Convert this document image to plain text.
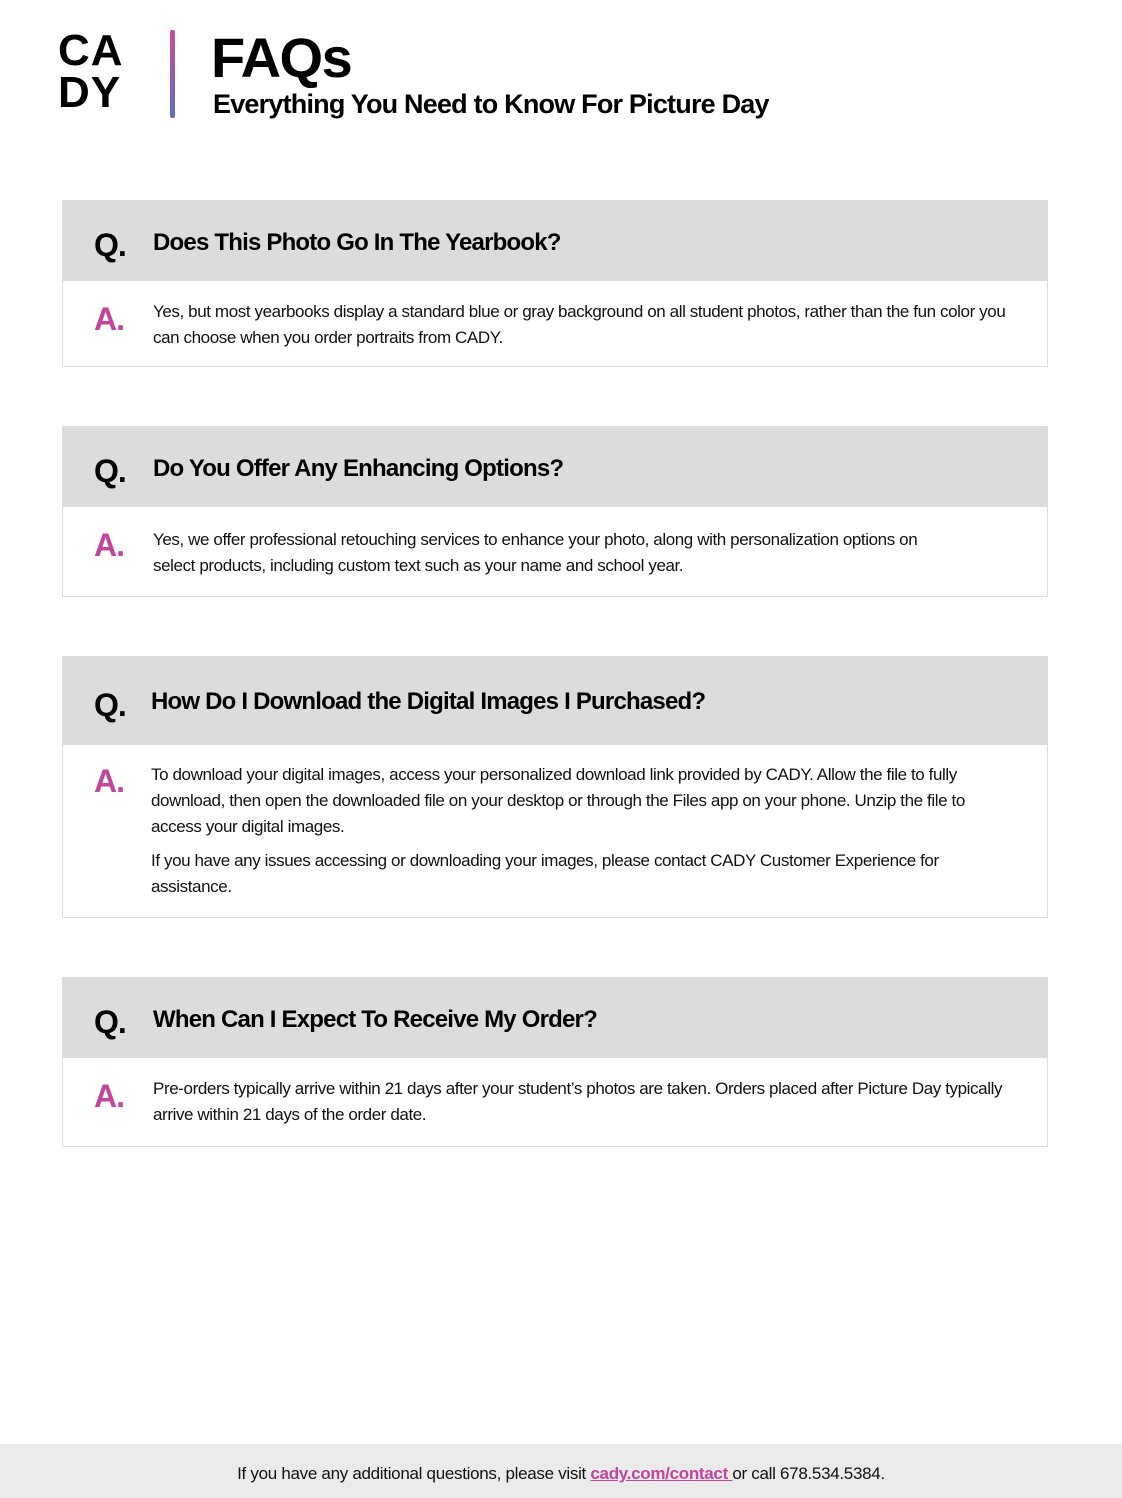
CA
DY
FAQs
Everything You Need to Know For Picture Day
Q. Does This Photo Go In The Yearbook?
A. Yes, but most yearbooks display a standard blue or gray background on all student photos, rather than the fun color you can choose when you order portraits from CADY.

Q. Do You Offer Any Enhancing Options?
A. Yes, we offer professional retouching services to enhance your photo, along with personalization options on select products, including custom text such as your name and school year.

Q. How Do I Download the Digital Images I Purchased?
A. To download your digital images, access your personalized download link provided by CADY. Allow the file to fully download, then open the downloaded file on your desktop or through the Files app on your phone. Unzip the file to access your digital images.

If you have any issues accessing or downloading your images, please contact CADY Customer Experience for assistance.

Q. When Can I Expect To Receive My Order?
A. Pre-orders typically arrive within 21 days after your student’s photos are taken. Orders placed after Picture Day typically arrive within 21 days of the order date.

If you have any additional questions, please visit cady.com/contact or call 678.534.5384.
